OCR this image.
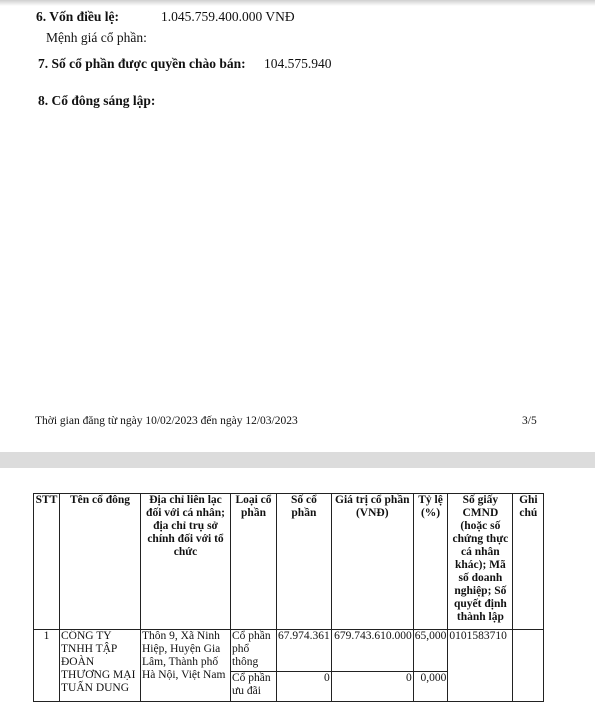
6. Vốn điều lệ:	1.045.759.400.000 VNĐ
Mệnh giá cổ phần:
7. Số cổ phần được quyền chào bán: 104.575.940
8. Cổ đông sáng lập:
Thời gian đăng từ ngày 10/02/2023 đến ngày 12/03/2023	3/5
STT	Tên cổ đông	Địa chỉ liên lạc đối với cá nhân; địa chỉ trụ sở chính đối với tổ chức	Loại cổ phần	Số cổ phần	Giá trị cổ phần (VNĐ)	Tỷ lệ (%)	Số giấy CMND (hoặc số chứng thực cá nhân khác); Mã số doanh nghiệp; Số quyết định thành lập	Ghi chú
1	CÔNG TY TNHH TẬP ĐOÀN THƯƠNG MẠI TUẤN DUNG	Thôn 9, Xã Ninh Hiệp, Huyện Gia Lâm, Thành phố Hà Nội, Việt Nam	Cổ phần phổ thông	67.974.361	679.743.610.000	65,000	0101583710	
			Cổ phần ưu đãi	0	0	0,000		
